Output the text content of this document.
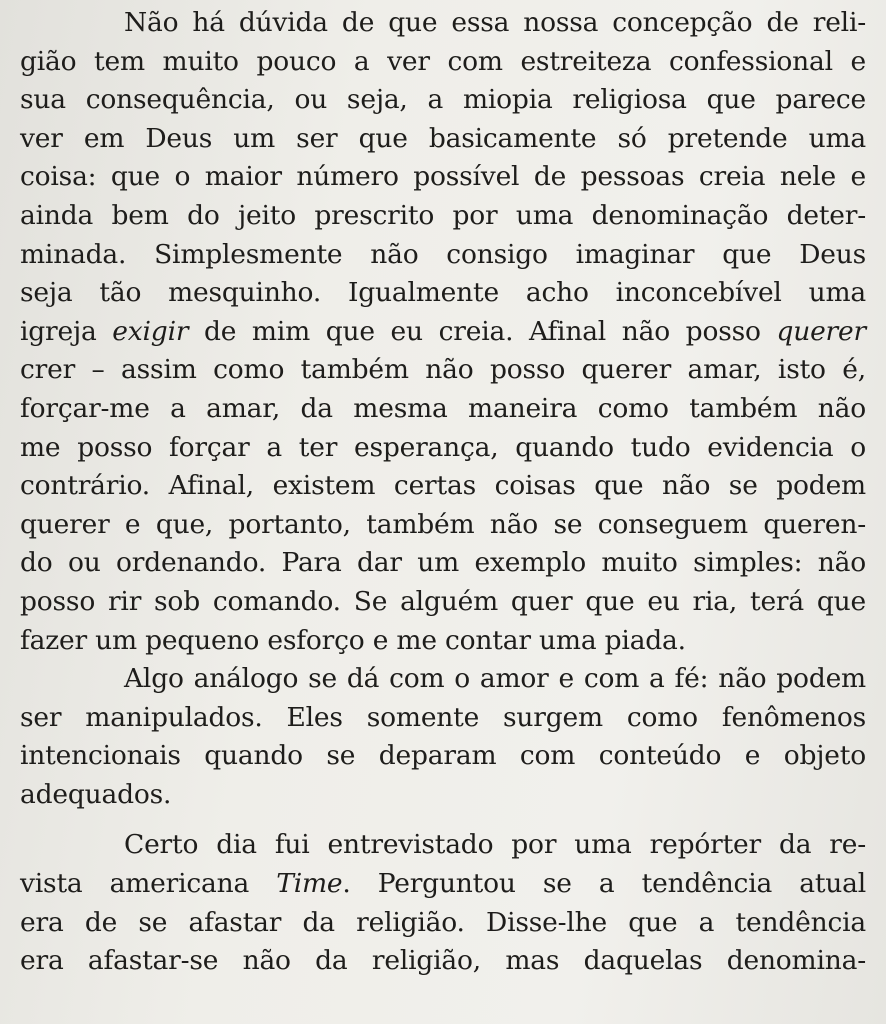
Não há dúvida de que essa nossa concepção de reli-
gião tem muito pouco a ver com estreiteza confessional e
sua consequência, ou seja, a miopia religiosa que parece
ver em Deus um ser que basicamente só pretende uma
coisa: que o maior número possível de pessoas creia nele e
ainda bem do jeito prescrito por uma denominação deter-
minada. Simplesmente não consigo imaginar que Deus
seja tão mesquinho. Igualmente acho inconcebível uma
igreja exigir de mim que eu creia. Afinal não posso querer
crer – assim como também não posso querer amar, isto é,
forçar-me a amar, da mesma maneira como também não
me posso forçar a ter esperança, quando tudo evidencia o
contrário. Afinal, existem certas coisas que não se podem
querer e que, portanto, também não se conseguem queren-
do ou ordenando. Para dar um exemplo muito simples: não
posso rir sob comando. Se alguém quer que eu ria, terá que
fazer um pequeno esforço e me contar uma piada.
Algo análogo se dá com o amor e com a fé: não podem
ser manipulados. Eles somente surgem como fenômenos
intencionais quando se deparam com conteúdo e objeto
adequados.
Certo dia fui entrevistado por uma repórter da re-
vista americana Time. Perguntou se a tendência atual
era de se afastar da religião. Disse-lhe que a tendência
era afastar-se não da religião, mas daquelas denomina-
